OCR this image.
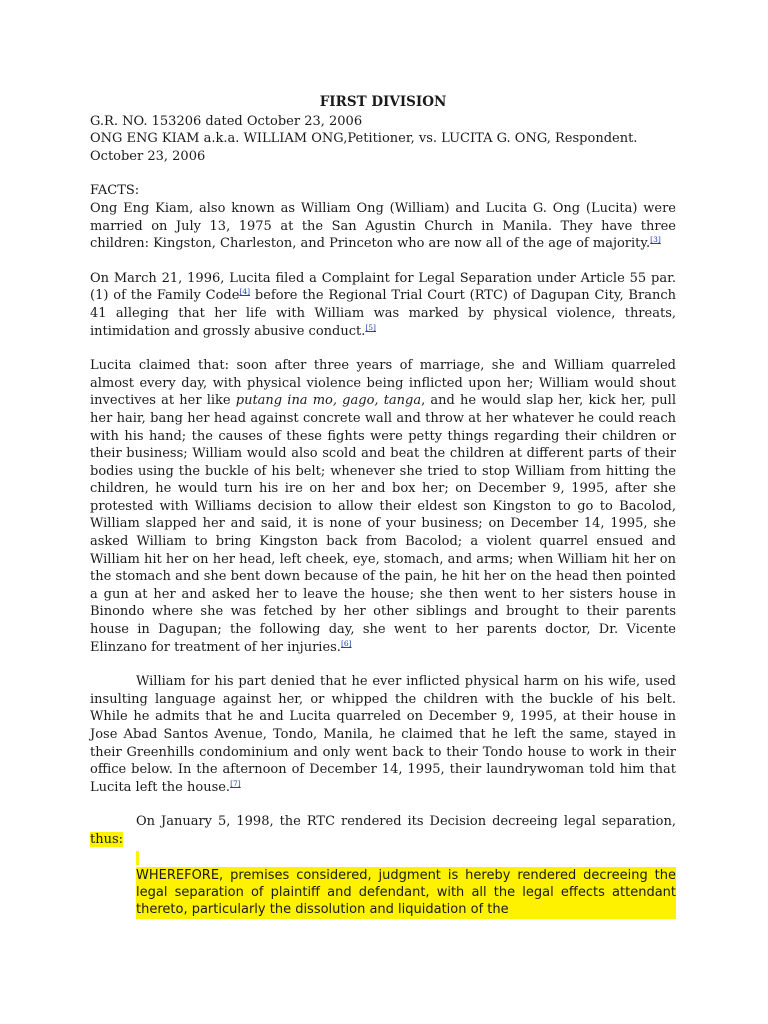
FIRST DIVISION
G.R. NO. 153206 dated October 23, 2006
ONG ENG KIAM a.k.a. WILLIAM ONG,Petitioner, vs. LUCITA G. ONG, Respondent.
October 23, 2006
FACTS:

Ong Eng Kiam, also known as William Ong (William) and Lucita G. Ong (Lucita) were married on July 13, 1975 at the San Agustin Church in Manila. They have three children: Kingston, Charleston, and Princeton who are now all of the age of majority.[3]

On March 21, 1996, Lucita filed a Complaint for Legal Separation under Article 55 par. (1) of the Family Code[4] before the Regional Trial Court (RTC) of Dagupan City, Branch 41 alleging that her life with William was marked by physical violence, threats, intimidation and grossly abusive conduct.[5]

Lucita claimed that: soon after three years of marriage, she and William quarreled almost every day, with physical violence being inflicted upon her; William would shout invectives at her like putang ina mo, gago, tanga, and he would slap her, kick her, pull her hair, bang her head against concrete wall and throw at her whatever he could reach with his hand; the causes of these fights were petty things regarding their children or their business; William would also scold and beat the children at different parts of their bodies using the buckle of his belt; whenever she tried to stop William from hitting the children, he would turn his ire on her and box her; on December 9, 1995, after she protested with Williams decision to allow their eldest son Kingston to go to Bacolod, William slapped her and said, it is none of your business; on December 14, 1995, she asked William to bring Kingston back from Bacolod; a violent quarrel ensued and William hit her on her head, left cheek, eye, stomach, and arms; when William hit her on the stomach and she bent down because of the pain, he hit her on the head then pointed a gun at her and asked her to leave the house; she then went to her sisters house in Binondo where she was fetched by her other siblings and brought to their parents house in Dagupan; the following day, she went to her parents doctor, Dr. Vicente Elinzano for treatment of her injuries.[6]

William for his part denied that he ever inflicted physical harm on his wife, used insulting language against her, or whipped the children with the buckle of his belt. While he admits that he and Lucita quarreled on December 9, 1995, at their house in Jose Abad Santos Avenue, Tondo, Manila, he claimed that he left the same, stayed in their Greenhills condominium and only went back to their Tondo house to work in their office below. In the afternoon of December 14, 1995, their laundrywoman told him that Lucita left the house.[7]

On January 5, 1998, the RTC rendered its Decision decreeing legal separation, thus:

WHEREFORE, premises considered, judgment is hereby rendered decreeing the legal separation of plaintiff and defendant, with all the legal effects attendant thereto, particularly the dissolution and liquidation of the
